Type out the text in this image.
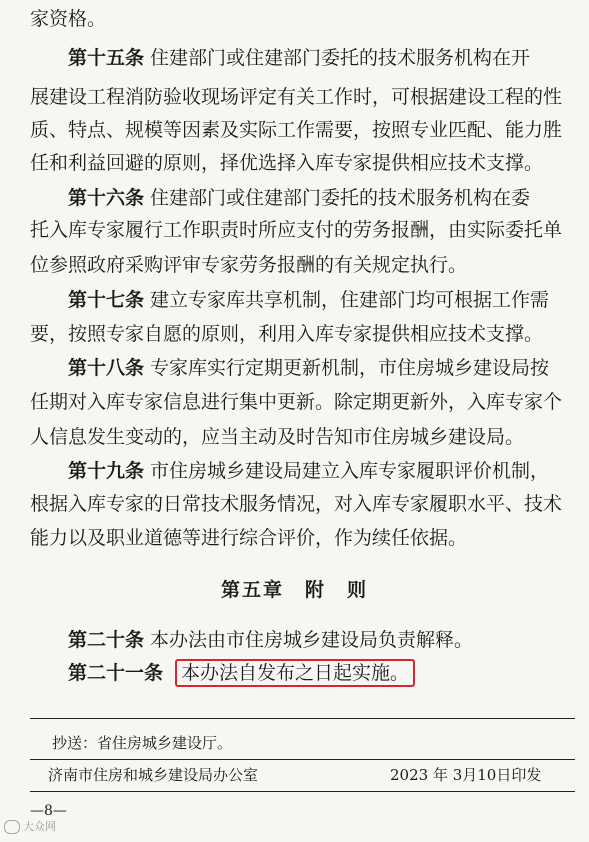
家资格。
第十五条 住建部门或住建部门委托的技术服务机构在开
展建设工程消防验收现场评定有关工作时，可根据建设工程的性
质、特点、规模等因素及实际工作需要，按照专业匹配、能力胜
任和利益回避的原则，择优选择入库专家提供相应技术支撑。
第十六条 住建部门或住建部门委托的技术服务机构在委
托入库专家履行工作职责时所应支付的劳务报酬，由实际委托单
位参照政府采购评审专家劳务报酬的有关规定执行。
第十七条 建立专家库共享机制，住建部门均可根据工作需
要，按照专家自愿的原则，利用入库专家提供相应技术支撑。
第十八条 专家库实行定期更新机制，市住房城乡建设局按
任期对入库专家信息进行集中更新。除定期更新外，入库专家个
人信息发生变动的，应当主动及时告知市住房城乡建设局。
第十九条 市住房城乡建设局建立入库专家履职评价机制，
根据入库专家的日常技术服务情况，对入库专家履职水平、技术
能力以及职业道德等进行综合评价，作为续任依据。
第五章　附　则
第二十条 本办法由市住房城乡建设局负责解释。
第二十一条 本办法自发布之日起实施。
抄送：省住房城乡建设厅。
济南市住房和城乡建设局办公室	2023 年 3月10日印发
—8—
大众网
